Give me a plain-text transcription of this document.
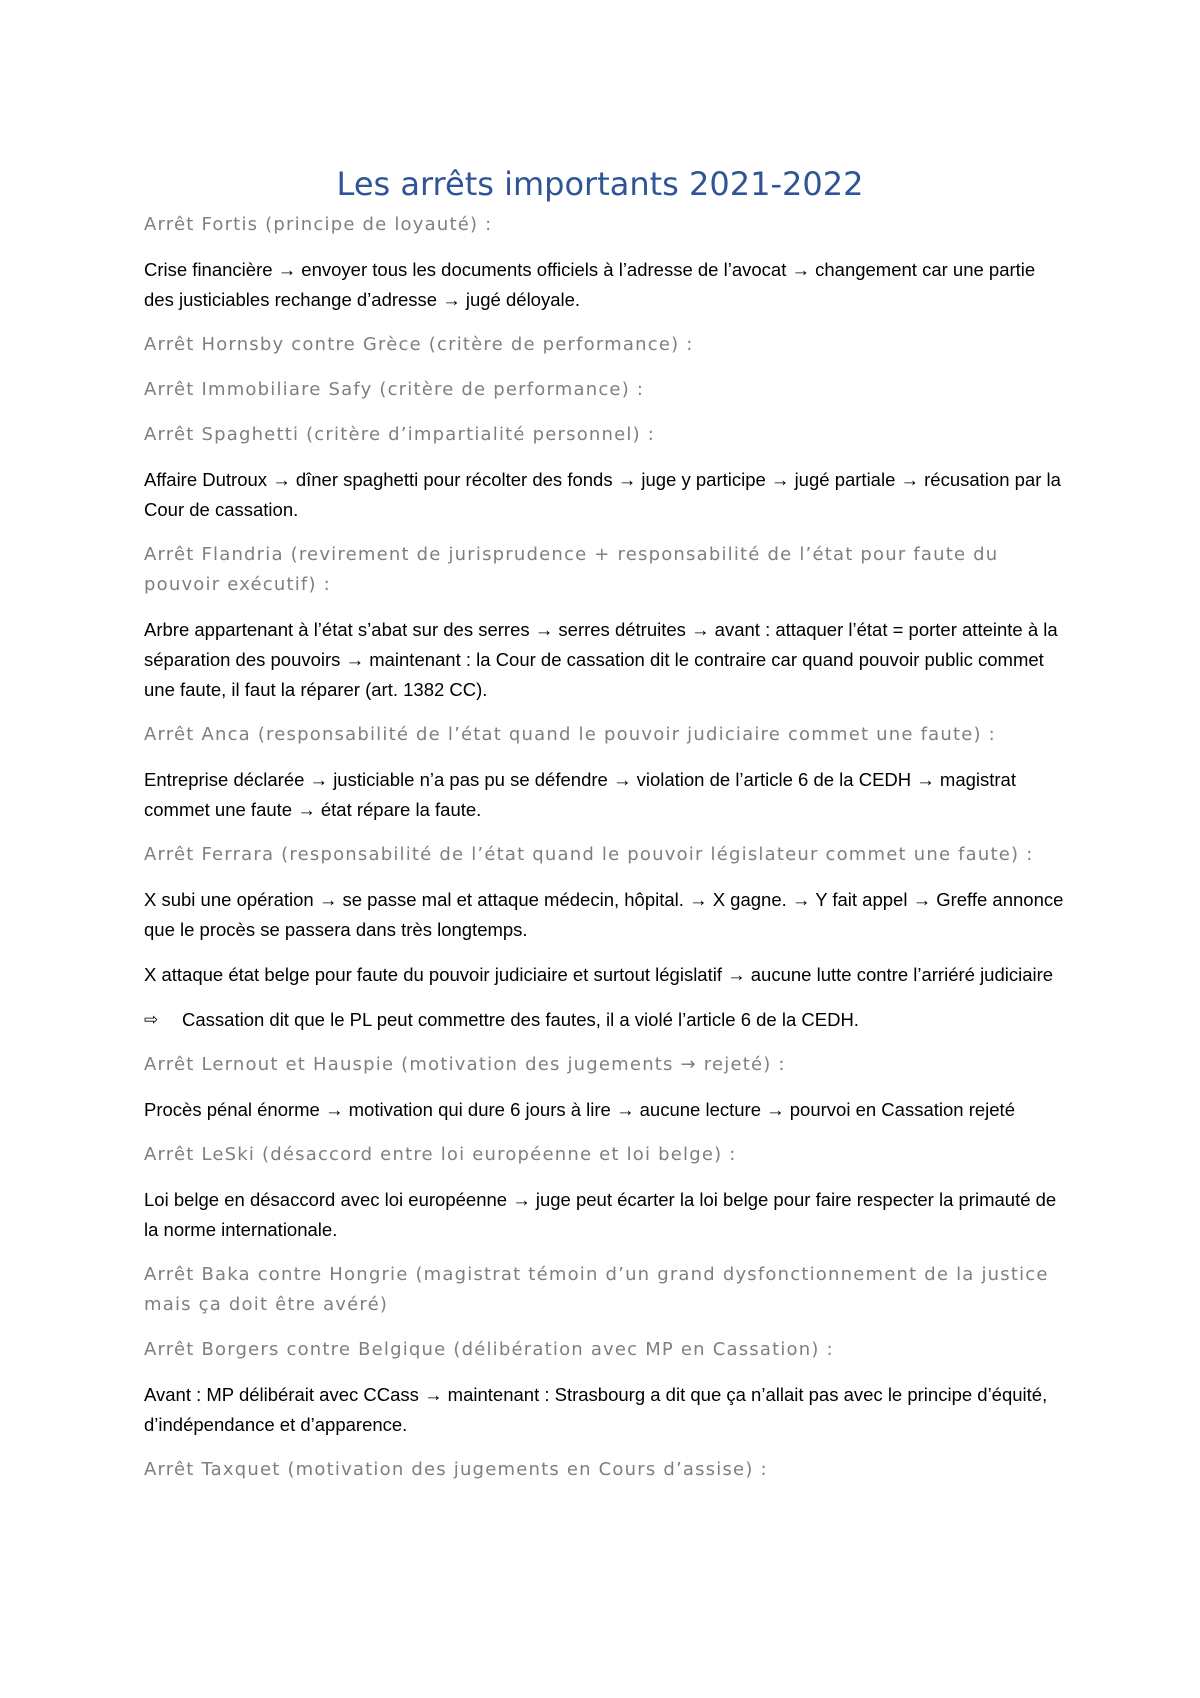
Les arrêts importants 2021-2022

Arrêt Fortis (principe de loyauté) :

Crise financière → envoyer tous les documents officiels à l’adresse de l’avocat → changement car une partie des justiciables rechange d’adresse → jugé déloyale.

Arrêt Hornsby contre Grèce (critère de performance) :

Arrêt Immobiliare Safy (critère de performance) :

Arrêt Spaghetti (critère d’impartialité personnel) :

Affaire Dutroux → dîner spaghetti pour récolter des fonds → juge y participe → jugé partiale → récusation par la Cour de cassation.

Arrêt Flandria (revirement de jurisprudence + responsabilité de l’état pour faute du pouvoir exécutif) :

Arbre appartenant à l’état s’abat sur des serres → serres détruites → avant : attaquer l’état = porter atteinte à la séparation des pouvoirs → maintenant : la Cour de cassation dit le contraire car quand pouvoir public commet une faute, il faut la réparer (art. 1382 CC).

Arrêt Anca (responsabilité de l’état quand le pouvoir judiciaire commet une faute) :

Entreprise déclarée → justiciable n’a pas pu se défendre → violation de l’article 6 de la CEDH → magistrat commet une faute → état répare la faute.

Arrêt Ferrara (responsabilité de l’état quand le pouvoir législateur commet une faute) :

X subi une opération → se passe mal et attaque médecin, hôpital. → X gagne. → Y fait appel → Greffe annonce que le procès se passera dans très longtemps.

X attaque état belge pour faute du pouvoir judiciaire et surtout législatif → aucune lutte contre l’arriéré judiciaire

⇨	Cassation dit que le PL peut commettre des fautes, il a violé l’article 6 de la CEDH.

Arrêt Lernout et Hauspie (motivation des jugements → rejeté) :

Procès pénal énorme → motivation qui dure 6 jours à lire → aucune lecture → pourvoi en Cassation rejeté

Arrêt LeSki (désaccord entre loi européenne et loi belge) :

Loi belge en désaccord avec loi européenne → juge peut écarter la loi belge pour faire respecter la primauté de la norme internationale.

Arrêt Baka contre Hongrie (magistrat témoin d’un grand dysfonctionnement de la justice mais ça doit être avéré)

Arrêt Borgers contre Belgique (délibération avec MP en Cassation) :

Avant : MP délibérait avec CCass → maintenant : Strasbourg a dit que ça n’allait pas avec le principe d’équité, d’indépendance et d’apparence.

Arrêt Taxquet (motivation des jugements en Cours d’assise) :
